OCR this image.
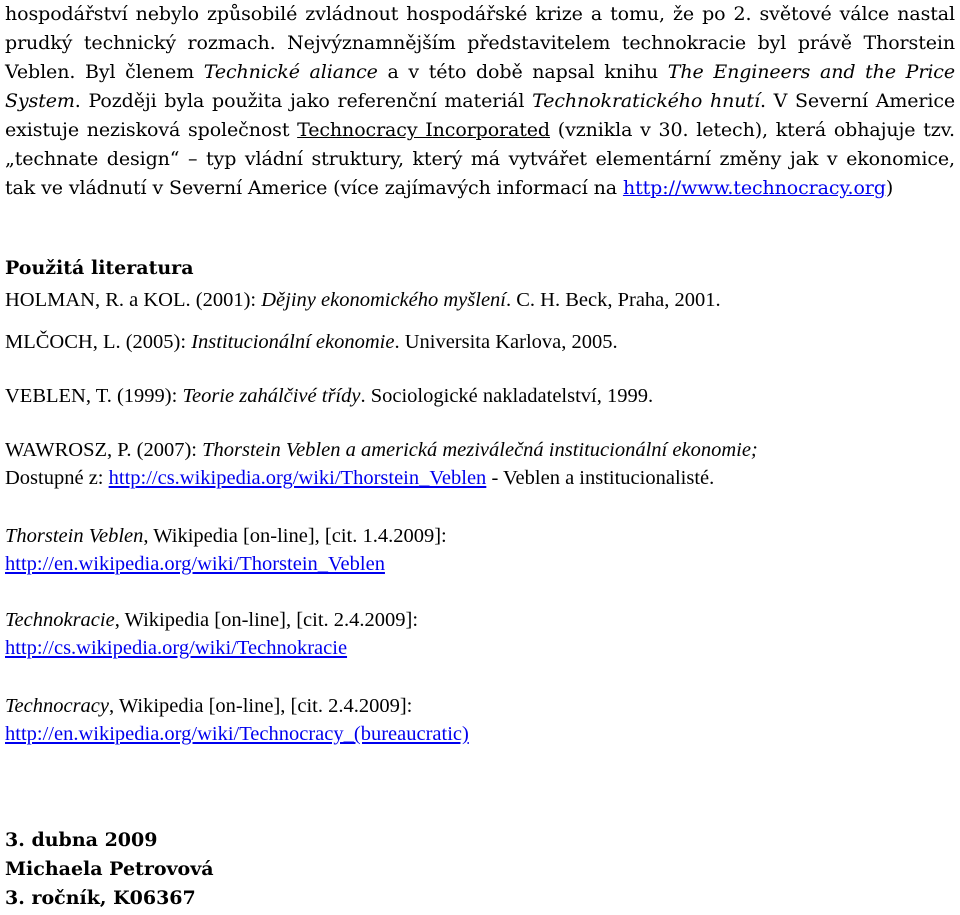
hospodářství nebylo způsobilé zvládnout hospodářské krize a tomu, že po 2. světové válce nastal prudký technický rozmach. Nejvýznamnějším představitelem technokracie byl právě Thorstein Veblen. Byl členem Technické aliance a v této době napsal knihu The Engineers and the Price System. Později byla použita jako referenční materiál Technokratického hnutí. V Severní Americe existuje nezisková společnost Technocracy Incorporated (vznikla v 30. letech), která obhajuje tzv. „technate design“ – typ vládní struktury, který má vytvářet elementární změny jak v ekonomice, tak ve vládnutí v Severní Americe (více zajímavých informací na http://www.technocracy.org)

Použitá literatura

HOLMAN, R. a KOL. (2001): Dějiny ekonomického myšlení. C. H. Beck, Praha, 2001.

MLČOCH, L. (2005): Institucionální ekonomie. Universita Karlova, 2005.

VEBLEN, T. (1999): Teorie zahálčivé třídy. Sociologické nakladatelství, 1999.

WAWROSZ, P. (2007): Thorstein Veblen a americká meziválečná institucionální ekonomie;
Dostupné z: http://cs.wikipedia.org/wiki/Thorstein_Veblen - Veblen a institucionalisté.

Thorstein Veblen, Wikipedia [on-line], [cit. 1.4.2009]:
http://en.wikipedia.org/wiki/Thorstein_Veblen

Technokracie, Wikipedia [on-line], [cit. 2.4.2009]:
http://cs.wikipedia.org/wiki/Technokracie

Technocracy, Wikipedia [on-line], [cit. 2.4.2009]:
http://en.wikipedia.org/wiki/Technocracy_(bureaucratic)

3. dubna 2009
Michaela Petrovová
3. ročník, K06367
